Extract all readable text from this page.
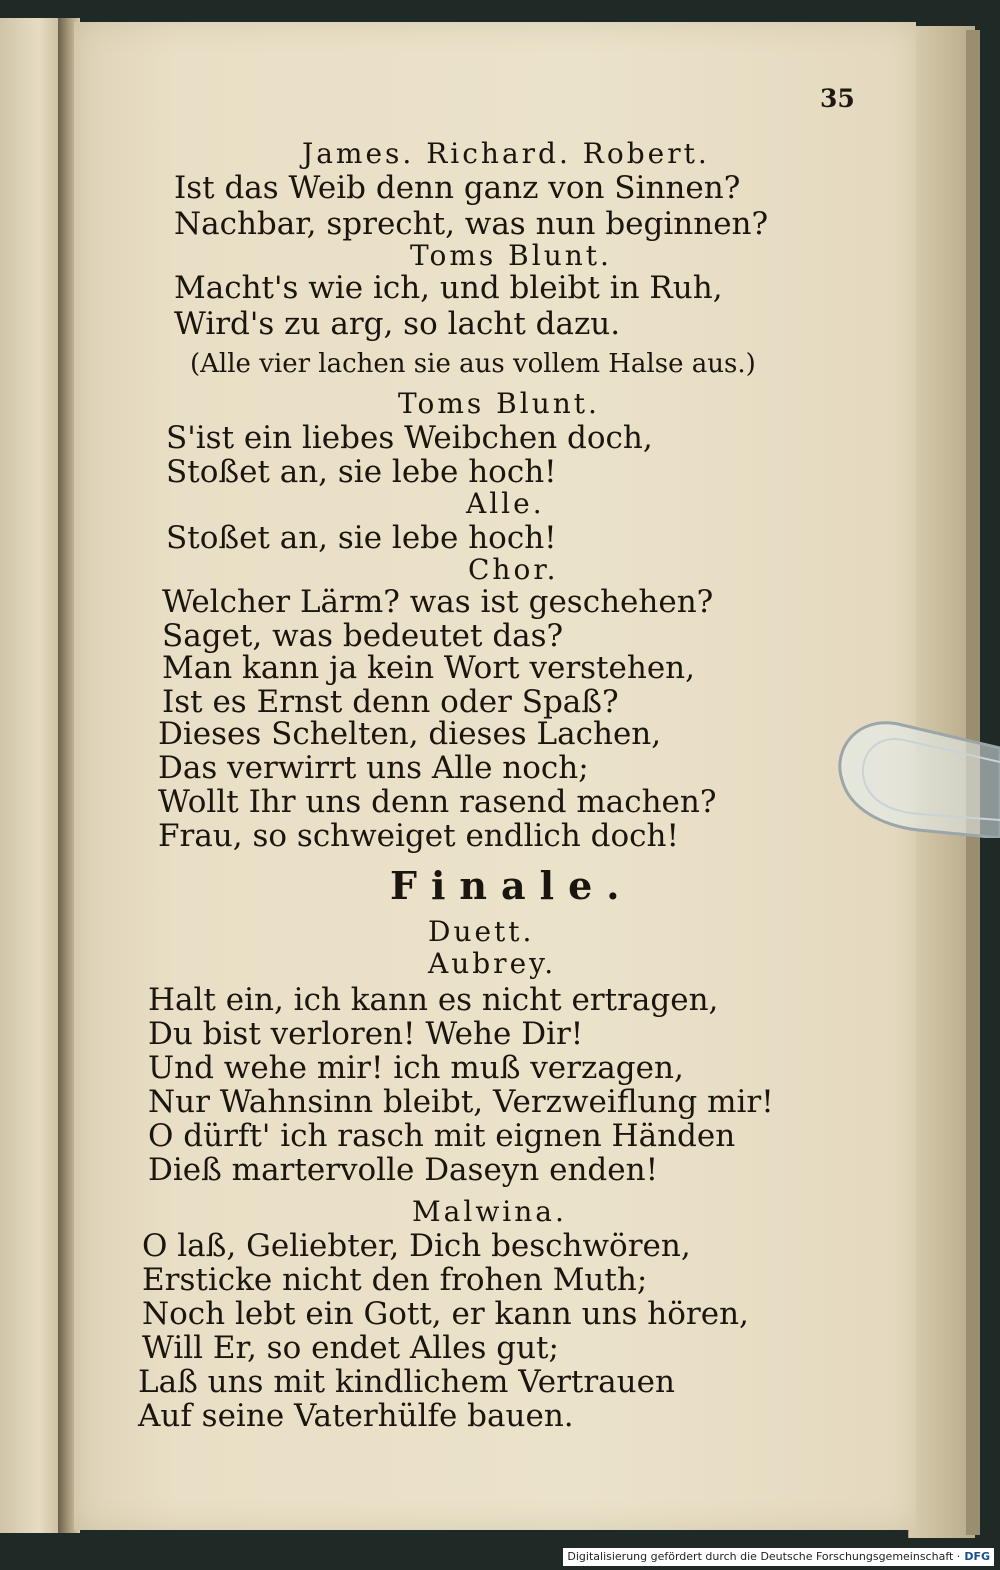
35
James. Richard. Robert.
Ist das Weib denn ganz von Sinnen?
Nachbar, sprecht, was nun beginnen?
Toms Blunt.
Macht's wie ich, und bleibt in Ruh,
Wird's zu arg, so lacht dazu.
(Alle vier lachen sie aus vollem Halse aus.)
Toms Blunt.
S'ist ein liebes Weibchen doch,
Stoßet an, sie lebe hoch!
Alle.
Stoßet an, sie lebe hoch!
Chor.
Welcher Lärm? was ist geschehen?
Saget, was bedeutet das?
Man kann ja kein Wort verstehen,
Ist es Ernst denn oder Spaß?
Dieses Schelten, dieses Lachen,
Das verwirrt uns Alle noch;
Wollt Ihr uns denn rasend machen?
Frau, so schweiget endlich doch!
Finale.
Duett.
Aubrey.
Halt ein, ich kann es nicht ertragen,
Du bist verloren! Wehe Dir!
Und wehe mir! ich muß verzagen,
Nur Wahnsinn bleibt, Verzweiflung mir!
O dürft' ich rasch mit eignen Händen
Dieß martervolle Daseyn enden!
Malwina.
O laß, Geliebter, Dich beschwören,
Ersticke nicht den frohen Muth;
Noch lebt ein Gott, er kann uns hören,
Will Er, so endet Alles gut;
Laß uns mit kindlichem Vertrauen
Auf seine Vaterhülfe bauen.
Digitalisierung gefördert durch die Deutsche Forschungsgemeinschaft · DFG
